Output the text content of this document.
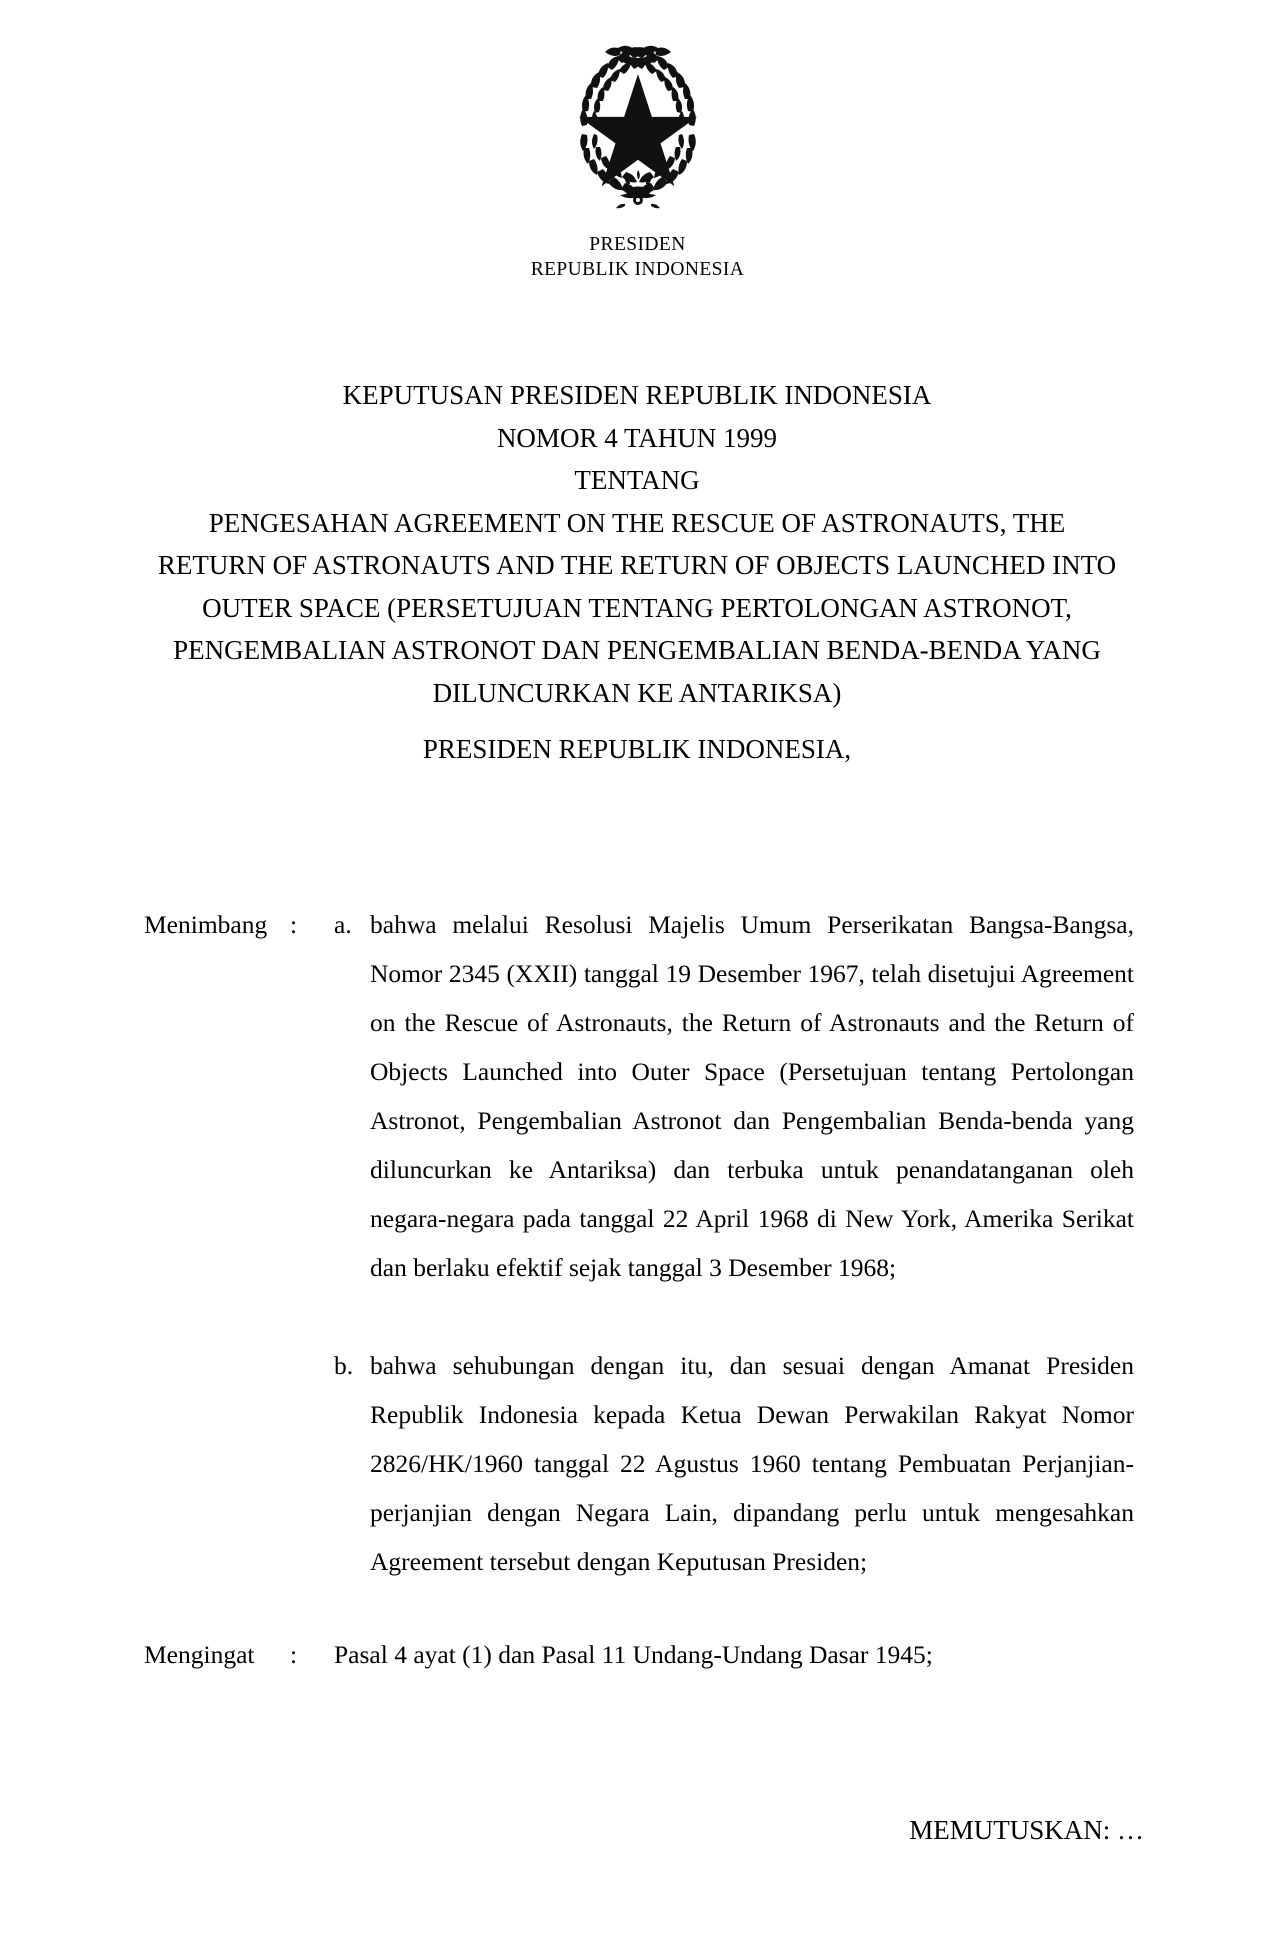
PRESIDEN
REPUBLIK INDONESIA
KEPUTUSAN PRESIDEN REPUBLIK INDONESIA
NOMOR 4 TAHUN 1999
TENTANG
PENGESAHAN AGREEMENT ON THE RESCUE OF ASTRONAUTS, THE
RETURN OF ASTRONAUTS AND THE RETURN OF OBJECTS LAUNCHED INTO
OUTER SPACE (PERSETUJUAN TENTANG PERTOLONGAN ASTRONOT,
PENGEMBALIAN ASTRONOT DAN PENGEMBALIAN BENDA-BENDA YANG
DILUNCURKAN KE ANTARIKSA)
PRESIDEN REPUBLIK INDONESIA,
Menimbang :	a. bahwa melalui Resolusi Majelis Umum Perserikatan Bangsa-Bangsa, Nomor 2345 (XXII) tanggal 19 Desember 1967, telah disetujui Agreement on the Rescue of Astronauts, the Return of Astronauts and the Return of Objects Launched into Outer Space (Persetujuan tentang Pertolongan Astronot, Pengembalian Astronot dan Pengembalian Benda-benda yang diluncurkan ke Antariksa) dan terbuka untuk penandatanganan oleh negara-negara pada tanggal 22 April 1968 di New York, Amerika Serikat dan berlaku efektif sejak tanggal 3 Desember 1968;
b. bahwa sehubungan dengan itu, dan sesuai dengan Amanat Presiden Republik Indonesia kepada Ketua Dewan Perwakilan Rakyat Nomor 2826/HK/1960 tanggal 22 Agustus 1960 tentang Pembuatan Perjanjian-perjanjian dengan Negara Lain, dipandang perlu untuk mengesahkan Agreement tersebut dengan Keputusan Presiden;
Mengingat	:	Pasal 4 ayat (1) dan Pasal 11 Undang-Undang Dasar 1945;
MEMUTUSKAN: …
